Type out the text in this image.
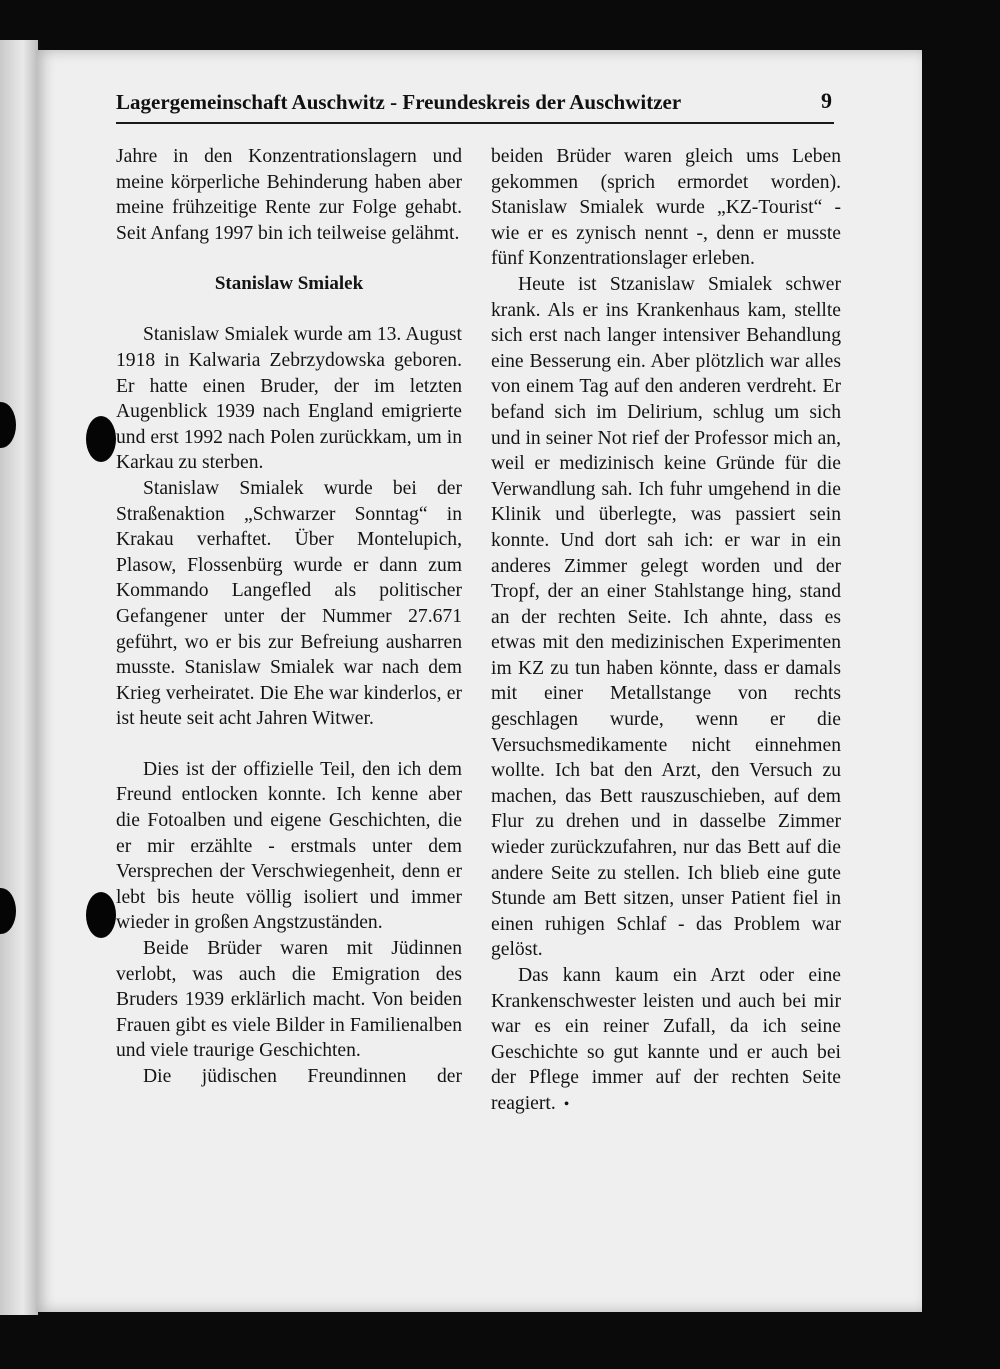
Lagergemeinschaft Auschwitz - Freundeskreis der Auschwitzer	9

Jahre in den Konzentrationslagern und meine körperliche Behinderung haben aber meine frühzeitige Rente zur Folge gehabt. Seit Anfang 1997 bin ich teilweise gelähmt.

Stanislaw Smialek

Stanislaw Smialek wurde am 13. August 1918 in Kalwaria Zebrzydowska geboren. Er hatte einen Bruder, der im letzten Augenblick 1939 nach England emigrierte und erst 1992 nach Polen zurückkam, um in Karkau zu sterben.

Stanislaw Smialek wurde bei der Straßenaktion „Schwarzer Sonntag“ in Krakau verhaftet. Über Montelupich, Plasow, Flossenbürg wurde er dann zum Kommando Langefled als politischer Gefangener unter der Nummer 27.671 geführt, wo er bis zur Befreiung ausharren musste. Stanislaw Smialek war nach dem Krieg verheiratet. Die Ehe war kinderlos, er ist heute seit acht Jahren Witwer.

Dies ist der offizielle Teil, den ich dem Freund entlocken konnte. Ich kenne aber die Fotoalben und eigene Geschichten, die er mir erzählte - erstmals unter dem Versprechen der Verschwiegenheit, denn er lebt bis heute völlig isoliert und immer wieder in großen Angstzuständen.

Beide Brüder waren mit Jüdinnen verlobt, was auch die Emigration des Bruders 1939 erklärlich macht. Von beiden Frauen gibt es viele Bilder in Familienalben und viele traurige Geschichten.

Die jüdischen Freundinnen der

beiden Brüder waren gleich ums Leben gekommen (sprich ermordet worden). Stanislaw Smialek wurde „KZ-Tourist“ - wie er es zynisch nennt -, denn er musste fünf Konzentrationslager erleben.

Heute ist Stzanislaw Smialek schwer krank. Als er ins Krankenhaus kam, stellte sich erst nach langer intensiver Behandlung eine Besserung ein. Aber plötzlich war alles von einem Tag auf den anderen verdreht. Er befand sich im Delirium, schlug um sich und in seiner Not rief der Professor mich an, weil er medizinisch keine Gründe für die Verwandlung sah. Ich fuhr umgehend in die Klinik und überlegte, was passiert sein konnte. Und dort sah ich: er war in ein anderes Zimmer gelegt worden und der Tropf, der an einer Stahlstange hing, stand an der rechten Seite. Ich ahnte, dass es etwas mit den medizinischen Experimenten im KZ zu tun haben könnte, dass er damals mit einer Metallstange von rechts geschlagen wurde, wenn er die Versuchsmedikamente nicht einnehmen wollte. Ich bat den Arzt, den Versuch zu machen, das Bett rauszuschieben, auf dem Flur zu drehen und in dasselbe Zimmer wieder zurückzufahren, nur das Bett auf die andere Seite zu stellen. Ich blieb eine gute Stunde am Bett sitzen, unser Patient fiel in einen ruhigen Schlaf - das Problem war gelöst.

Das kann kaum ein Arzt oder eine Krankenschwester leisten und auch bei mir war es ein reiner Zufall, da ich seine Geschichte so gut kannte und er auch bei der Pflege immer auf der rechten Seite reagiert. •
